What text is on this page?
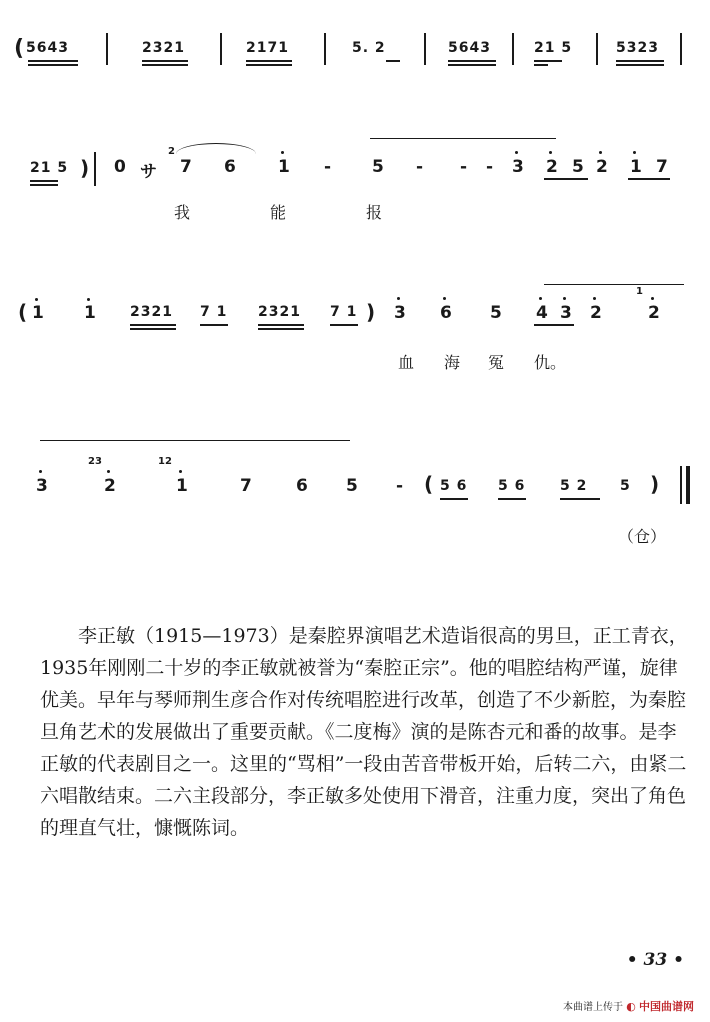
( 5643	2321	2171	5. 2	5643	21 5	5323
21 5 ) 0 サ
2
7 6 1 - 5 - - - 3 2 5 2 1 7
我	能	报
( 1 1 2321 7 1 2321 7 1 ) 3 6 5 4 3 2
1
2
血 海 冤 仇。
3
23
2
12
1	7	6 5 - ( 5 6 5 6 5 2 5 )
（仓）

李正敏（1915—1973）是秦腔界演唱艺术造诣很高的男旦，正工青衣，1935年刚刚二十岁的李正敏就被誉为“秦腔正宗”。他的唱腔结构严谨，旋律优美。早年与琴师荆生彦合作对传统唱腔进行改革，创造了不少新腔，为秦腔旦角艺术的发展做出了重要贡献。《二度梅》演的是陈杏元和番的故事。是李正敏的代表剧目之一。这里的“骂相”一段由苦音带板开始，后转二六，由紧二六唱散结束。二六主段部分，李正敏多处使用下滑音，注重力度，突出了角色的理直气壮，慷慨陈词。

• 33 •
本曲谱上传于 ◐ 中国曲谱网
